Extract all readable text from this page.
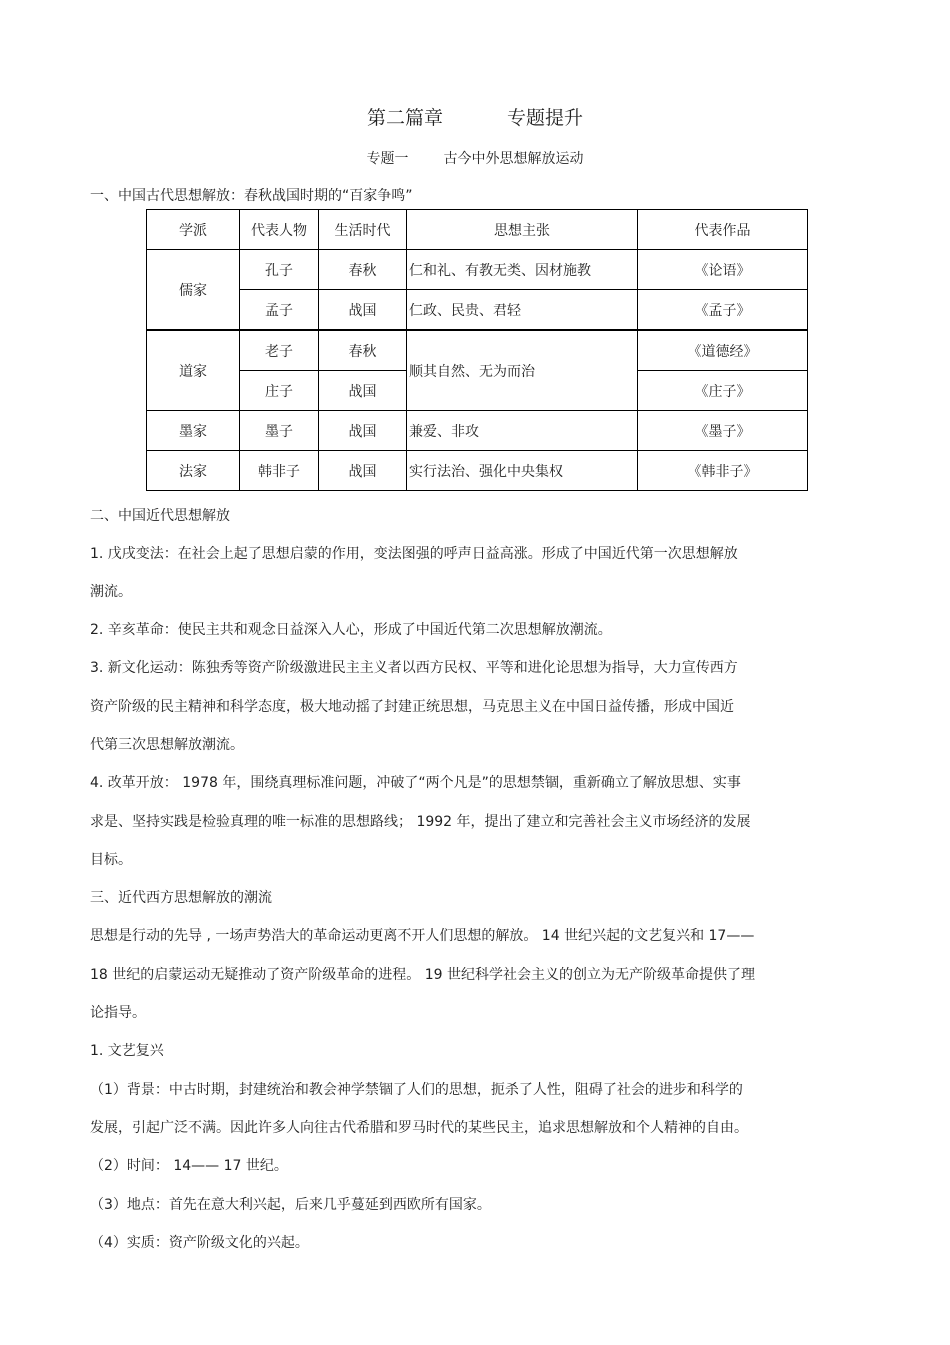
第二篇章	专题提升
专题一 古今中外思想解放运动
一、中国古代思想解放：春秋战国时期的“百家争鸣”
学派	代表人物	生活时代	思想主张	代表作品
儒家	孔子	春秋	仁和礼、有教无类、因材施教	《论语》
	孟子	战国	仁政、民贵、君轻	《孟子》
道家	老子	春秋	顺其自然、无为而治	《道德经》
	庄子	战国		《庄子》
墨家	墨子	战国	兼爱、非攻	《墨子》
法家	韩非子	战国	实行法治、强化中央集权	《韩非子》
二、中国近代思想解放
1. 戊戌变法：在社会上起了思想启蒙的作用，变法图强的呼声日益高涨。形成了中国近代第一次思想解放
潮流。
2. 辛亥革命：使民主共和观念日益深入人心，形成了中国近代第二次思想解放潮流。
3. 新文化运动：陈独秀等资产阶级激进民主主义者以西方民权、平等和进化论思想为指导，大力宣传西方
资产阶级的民主精神和科学态度，极大地动摇了封建正统思想，马克思主义在中国日益传播，形成中国近
代第三次思想解放潮流。
4. 改革开放： 1978 年，围绕真理标准问题，冲破了“两个凡是”的思想禁锢，重新确立了解放思想、实事
求是、坚持实践是检验真理的唯一标准的思想路线； 1992 年，提出了建立和完善社会主义市场经济的发展
目标。
三、近代西方思想解放的潮流
思想是行动的先导 , 一场声势浩大的革命运动更离不开人们思想的解放。 14 世纪兴起的文艺复兴和 17——
18 世纪的启蒙运动无疑推动了资产阶级革命的进程。 19 世纪科学社会主义的创立为无产阶级革命提供了理
论指导。
1. 文艺复兴
（1）背景：中古时期，封建统治和教会神学禁锢了人们的思想，扼杀了人性，阻碍了社会的进步和科学的
发展，引起广泛不满。因此许多人向往古代希腊和罗马时代的某些民主，追求思想解放和个人精神的自由。
（2）时间： 14—— 17 世纪。
（3）地点：首先在意大利兴起，后来几乎蔓延到西欧所有国家。
（4）实质：资产阶级文化的兴起。
